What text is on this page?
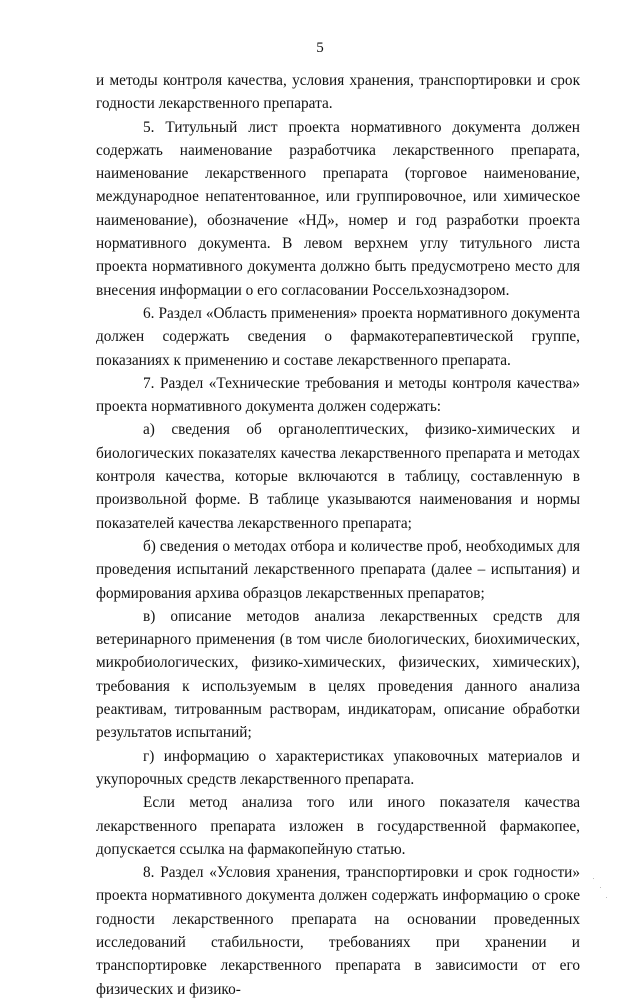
5

и методы контроля качества, условия хранения, транспортировки и срок годности лекарственного препарата.

5. Титульный лист проекта нормативного документа должен содержать наименование разработчика лекарственного препарата, наименование лекарственного препарата (торговое наименование, международное непатентованное, или группировочное, или химическое наименование), обозначение «НД», номер и год разработки проекта нормативного документа. В левом верхнем углу титульного листа проекта нормативного документа должно быть предусмотрено место для внесения информации о его согласовании Россельхознадзором.

6. Раздел «Область применения» проекта нормативного документа должен содержать сведения о фармакотерапевтической группе, показаниях к применению и составе лекарственного препарата.

7. Раздел «Технические требования и методы контроля качества» проекта нормативного документа должен содержать:

а) сведения об органолептических, физико-химических и биологических показателях качества лекарственного препарата и методах контроля качества, которые включаются в таблицу, составленную в произвольной форме. В таблице указываются наименования и нормы показателей качества лекарственного препарата;

б) сведения о методах отбора и количестве проб, необходимых для проведения испытаний лекарственного препарата (далее – испытания) и формирования архива образцов лекарственных препаратов;

в) описание методов анализа лекарственных средств для ветеринарного применения (в том числе биологических, биохимических, микробиологических, физико-химических, физических, химических), требования к используемым в целях проведения данного анализа реактивам, титрованным растворам, индикаторам, описание обработки результатов испытаний;

г) информацию о характеристиках упаковочных материалов и укупорочных средств лекарственного препарата.

Если метод анализа того или иного показателя качества лекарственного препарата изложен в государственной фармакопее, допускается ссылка на фармакопейную статью.

8. Раздел «Условия хранения, транспортировки и срок годности» проекта нормативного документа должен содержать информацию о сроке годности лекарственного препарата на основании проведенных исследований стабильности, требованиях при хранении и транспортировке лекарственного препарата в зависимости от его физических и физико-
